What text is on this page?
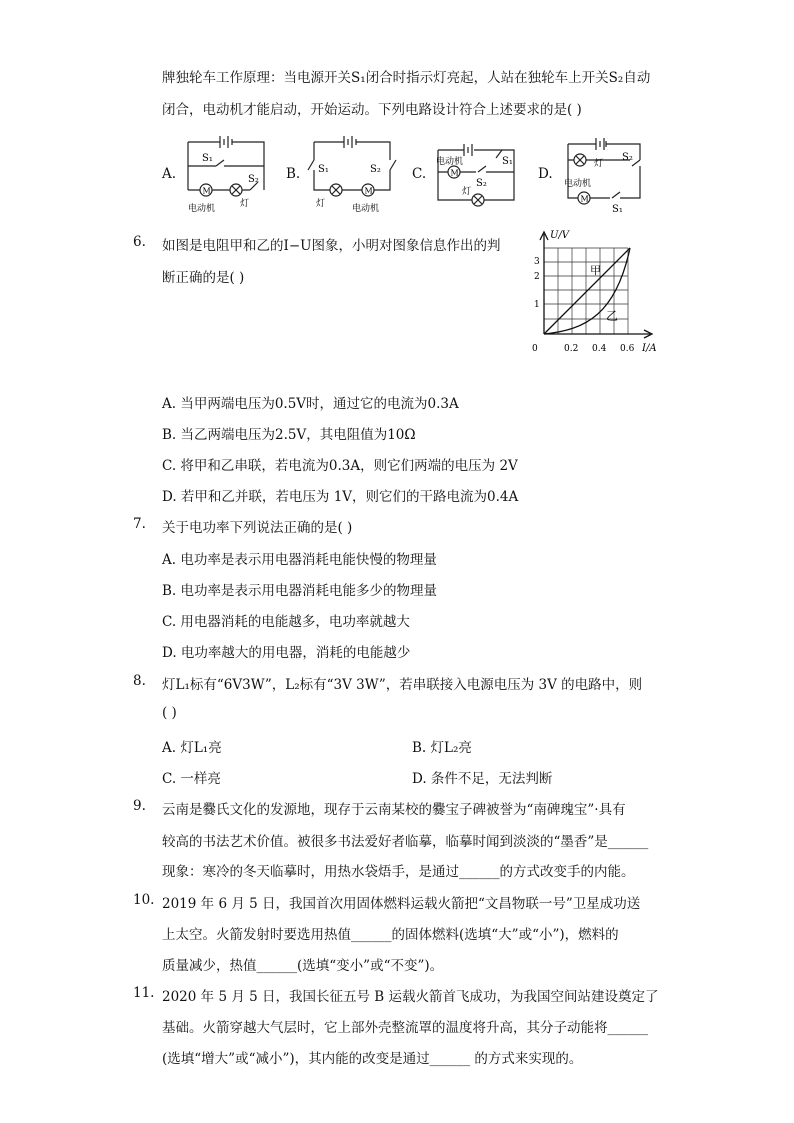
牌独轮车工作原理：当电源开关S₁闭合时指示灯亮起，人站在独轮车上开关S₂自动
闭合，电动机才能启动，开始运动。下列电路设计符合上述要求的是( )
A.	B.	C.	D.
S₁
S₂
M
电动机	灯
S₁	S₂
M
灯	电动机
电动机
M
S₁
S₂
灯
灯
S₂
电动机
M
S₁
6. 如图是电阻甲和乙的I−U图象，小明对图象信息作出的判
断正确的是( )
U/V
I/A
3
2
1
0	0.2 0.4 0.6
甲
乙
A. 当甲两端电压为0.5V时，通过它的电流为0.3A
B. 当乙两端电压为2.5V，其电阻值为10Ω
C. 将甲和乙串联，若电流为0.3A，则它们两端的电压为 2V
D. 若甲和乙并联，若电压为 1V，则它们的干路电流为0.4A
7. 关于电功率下列说法正确的是( )
A. 电功率是表示用电器消耗电能快慢的物理量
B. 电功率是表示用电器消耗电能多少的物理量
C. 用电器消耗的电能越多，电功率就越大
D. 电功率越大的用电器，消耗的电能越少
8. 灯L₁标有“6V3W”，L₂标有“3V 3W”，若串联接入电源电压为 3V 的电路中，则
( )
A. 灯L₁亮	B. 灯L₂亮
C. 一样亮	D. 条件不足，无法判断
9. 云南是爨氏文化的发源地，现存于云南某校的爨宝子碑被誉为“南碑瑰宝”·具有
较高的书法艺术价值。被很多书法爱好者临摹，临摹时闻到淡淡的“墨香”是______
现象：寒冷的冬天临摹时，用热水袋焐手，是通过______的方式改变手的内能。
10. 2019 年 6 月 5 日，我国首次用固体燃料运载火箭把“文昌物联一号”卫星成功送
上太空。火箭发射时要选用热值______的固体燃料(选填“大”或“小”)，燃料的
质量减少，热值______(选填“变小”或“不变”)。
11. 2020 年 5 月 5 日，我国长征五号 B 运载火箭首飞成功，为我国空间站建设奠定了
基础。火箭穿越大气层时，它上部外壳整流罩的温度将升高，其分子动能将______
(选填“增大”或“减小”)，其内能的改变是通过______ 的方式来实现的。
